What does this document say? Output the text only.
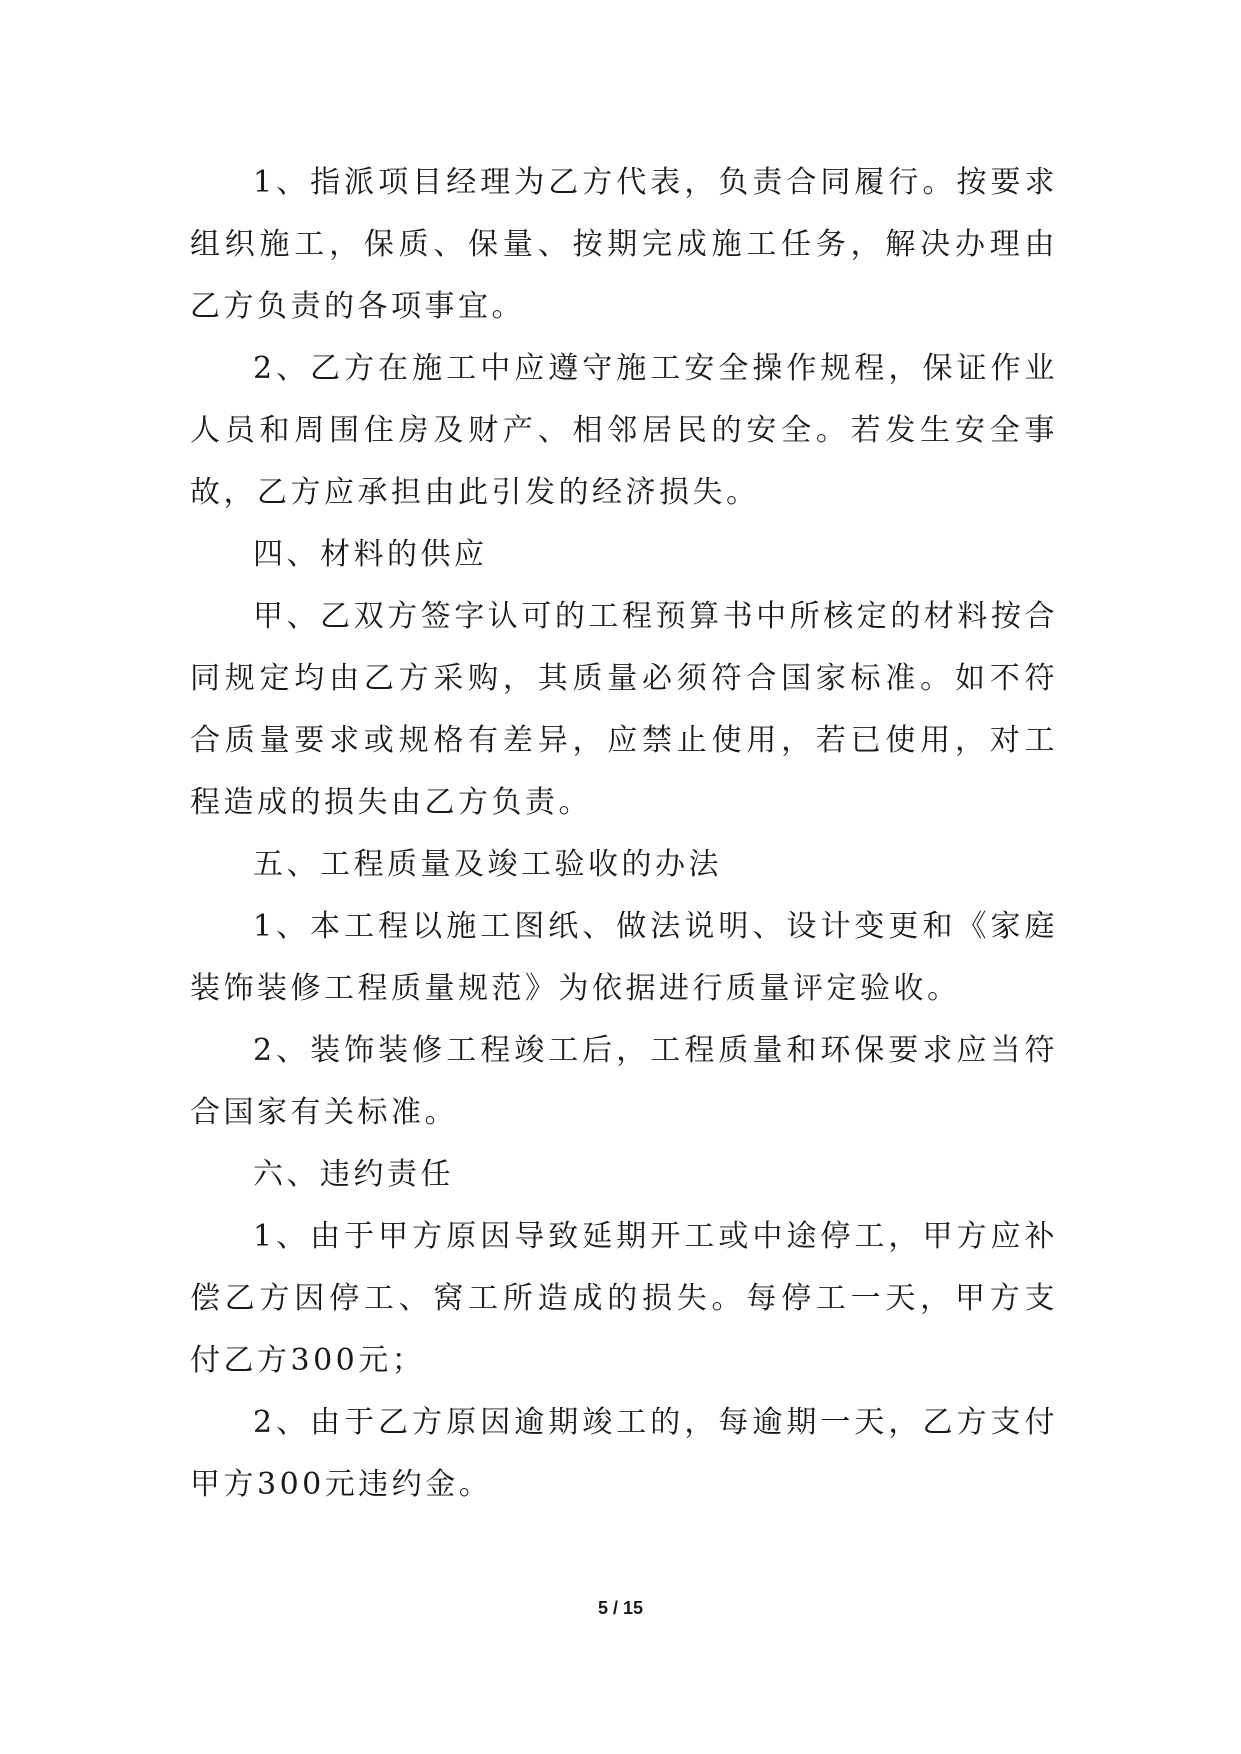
1、指派项目经理为乙方代表，负责合同履行。按要求组织施工，保质、保量、按期完成施工任务，解决办理由乙方负责的各项事宜。

2、乙方在施工中应遵守施工安全操作规程，保证作业人员和周围住房及财产、相邻居民的安全。若发生安全事故，乙方应承担由此引发的经济损失。

四、材料的供应

甲、乙双方签字认可的工程预算书中所核定的材料按合同规定均由乙方采购，其质量必须符合国家标准。如不符合质量要求或规格有差异，应禁止使用，若已使用，对工程造成的损失由乙方负责。

五、工程质量及竣工验收的办法

1、本工程以施工图纸、做法说明、设计变更和《家庭装饰装修工程质量规范》为依据进行质量评定验收。

2、装饰装修工程竣工后，工程质量和环保要求应当符合国家有关标准。

六、违约责任

1、由于甲方原因导致延期开工或中途停工，甲方应补偿乙方因停工、窝工所造成的损失。每停工一天，甲方支付乙方300元；

2、由于乙方原因逾期竣工的，每逾期一天，乙方支付甲方300元违约金。

5 / 15
